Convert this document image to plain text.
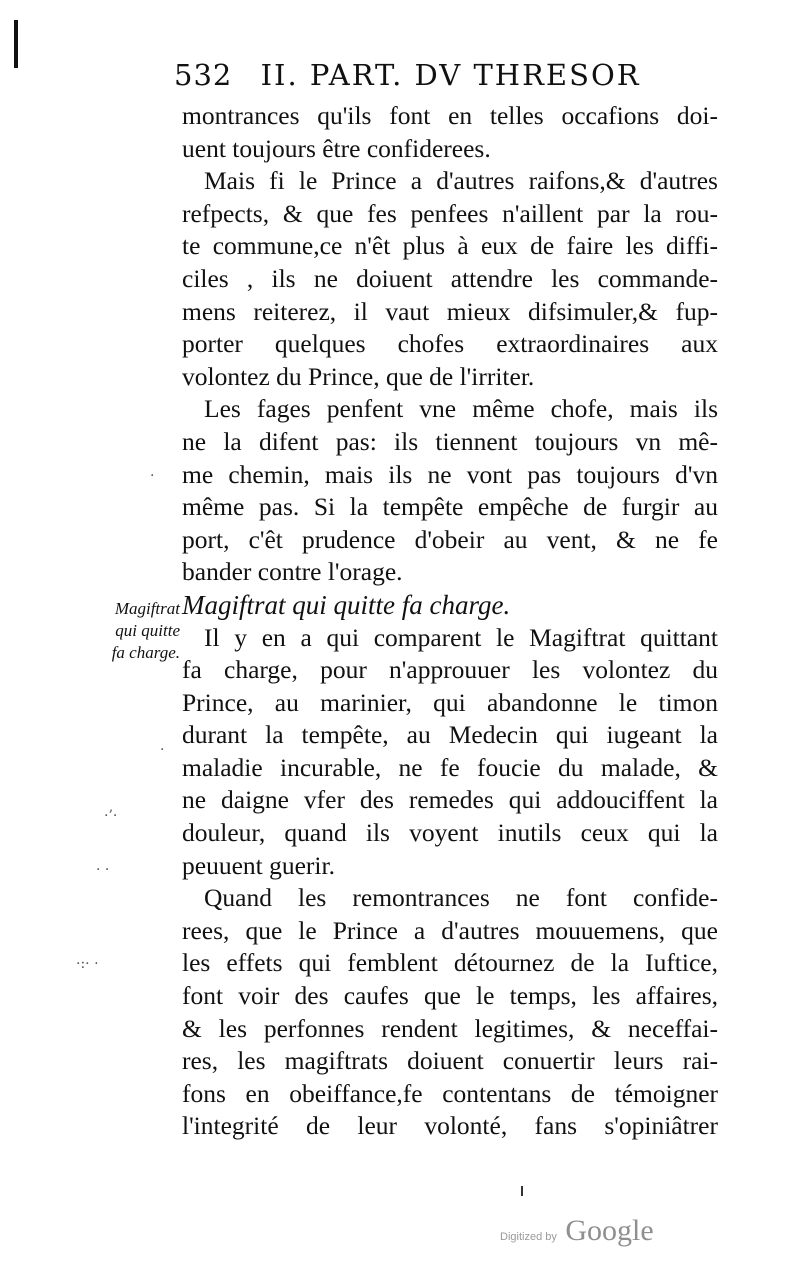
532 II. PART. DV THRESOR
Magiftrat
qui quitte
fa charge.
montrances qu'ils font en telles occafions doi-
uent toujours être confiderees.
Mais fi le Prince a d'autres raifons,& d'autres
refpects, & que fes penfees n'aillent par la rou-
te commune,ce n'êt plus à eux de faire les diffi-
ciles , ils ne doiuent attendre les commande-
mens reiterez, il vaut mieux difsimuler,& fup-
porter quelques chofes extraordinaires aux
volontez du Prince, que de l'irriter.
Les fages penfent vne même chofe, mais ils
ne la difent pas: ils tiennent toujours vn mê-
me chemin, mais ils ne vont pas toujours d'vn
même pas. Si la tempête empêche de furgir au
port, c'êt prudence d'obeir au vent, & ne fe
bander contre l'orage.
Magiftrat qui quitte fa charge.
Il y en a qui comparent le Magiftrat quittant
fa charge, pour n'approuuer les volontez du
Prince, au marinier, qui abandonne le timon
durant la tempête, au Medecin qui iugeant la
maladie incurable, ne fe foucie du malade, &
ne daigne vfer des remedes qui addouciffent la
douleur, quand ils voyent inutils ceux qui la
peuuent guerir.
Quand les remontrances ne font confide-
rees, que le Prince a d'autres mouuemens, que
les effets qui femblent détournez de la Iuftice,
font voir des caufes que le temps, les affaires,
& les perfonnes rendent legitimes, & neceffai-
res, les magiftrats doiuent conuertir leurs rai-
fons en obeiffance,fe contentans de témoigner
l'integrité de leur volonté, fans s'opiniâtrer
·
·’·
· ·
·:· ·
·
Digitized by Google
